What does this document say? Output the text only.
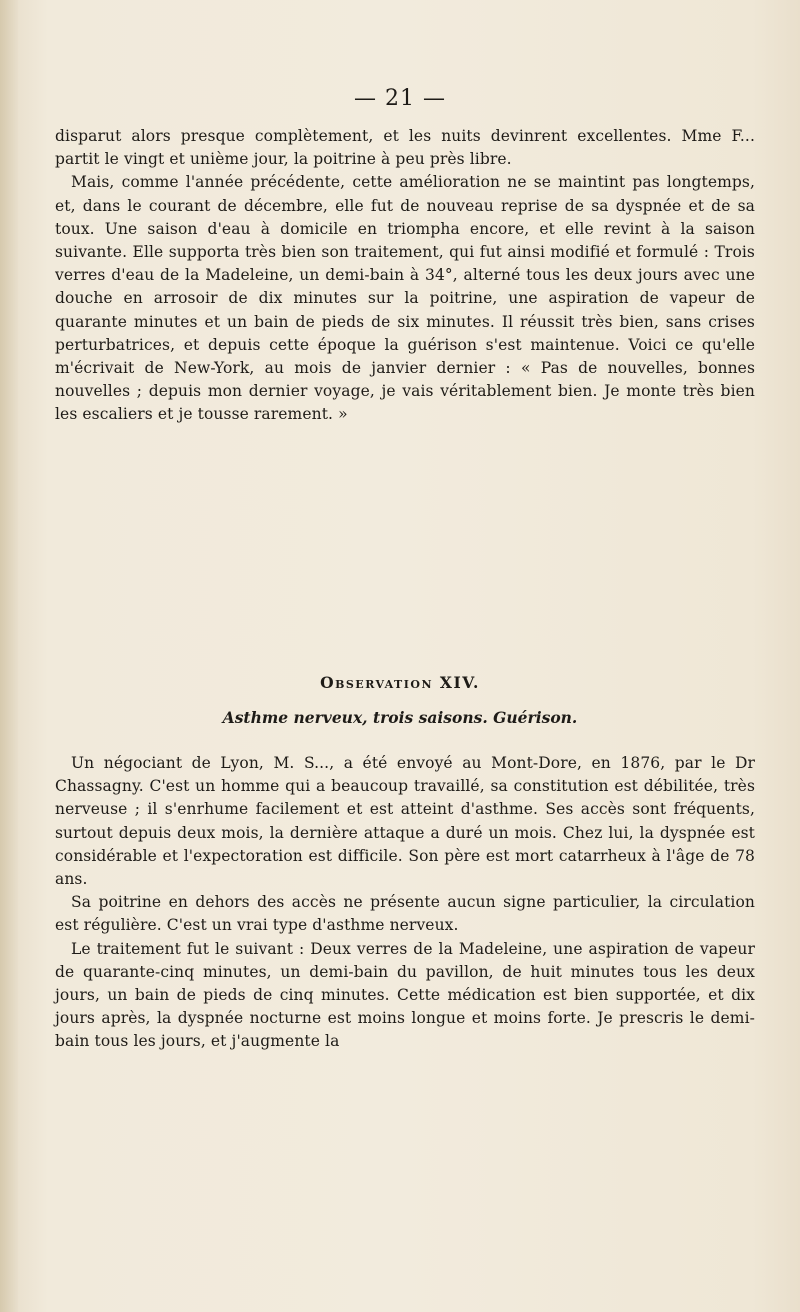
— 21 —

disparut alors presque complètement, et les nuits devinrent excellentes. Mme F... partit le vingt et unième jour, la poitrine à peu près libre.

Mais, comme l'année précédente, cette amélioration ne se maintint pas longtemps, et, dans le courant de décembre, elle fut de nouveau reprise de sa dyspnée et de sa toux. Une saison d'eau à domicile en triompha encore, et elle revint à la saison suivante. Elle supporta très bien son traitement, qui fut ainsi modifié et formulé : Trois verres d'eau de la Madeleine, un demi-bain à 34°, alterné tous les deux jours avec une douche en arrosoir de dix minutes sur la poitrine, une aspiration de vapeur de quarante minutes et un bain de pieds de six minutes. Il réussit très bien, sans crises perturbatrices, et depuis cette époque la guérison s'est maintenue. Voici ce qu'elle m'écrivait de New-York, au mois de janvier dernier : « Pas de nouvelles, bonnes nouvelles ; depuis mon dernier voyage, je vais véritablement bien. Je monte très bien les escaliers et je tousse rarement. »

Observation XIV.
Asthme nerveux, trois saisons. Guérison.

Un négociant de Lyon, M. S..., a été envoyé au Mont-Dore, en 1876, par le Dr Chassagny. C'est un homme qui a beaucoup travaillé, sa constitution est débilitée, très nerveuse ; il s'enrhume facilement et est atteint d'asthme. Ses accès sont fréquents, surtout depuis deux mois, la dernière attaque a duré un mois. Chez lui, la dyspnée est considérable et l'expectoration est difficile. Son père est mort catarrheux à l'âge de 78 ans.

Sa poitrine en dehors des accès ne présente aucun signe particulier, la circulation est régulière. C'est un vrai type d'asthme nerveux.

Le traitement fut le suivant : Deux verres de la Madeleine, une aspiration de vapeur de quarante-cinq minutes, un demi-bain du pavillon, de huit minutes tous les deux jours, un bain de pieds de cinq minutes. Cette médication est bien supportée, et dix jours après, la dyspnée nocturne est moins longue et moins forte. Je prescris le demi-bain tous les jours, et j'augmente la
